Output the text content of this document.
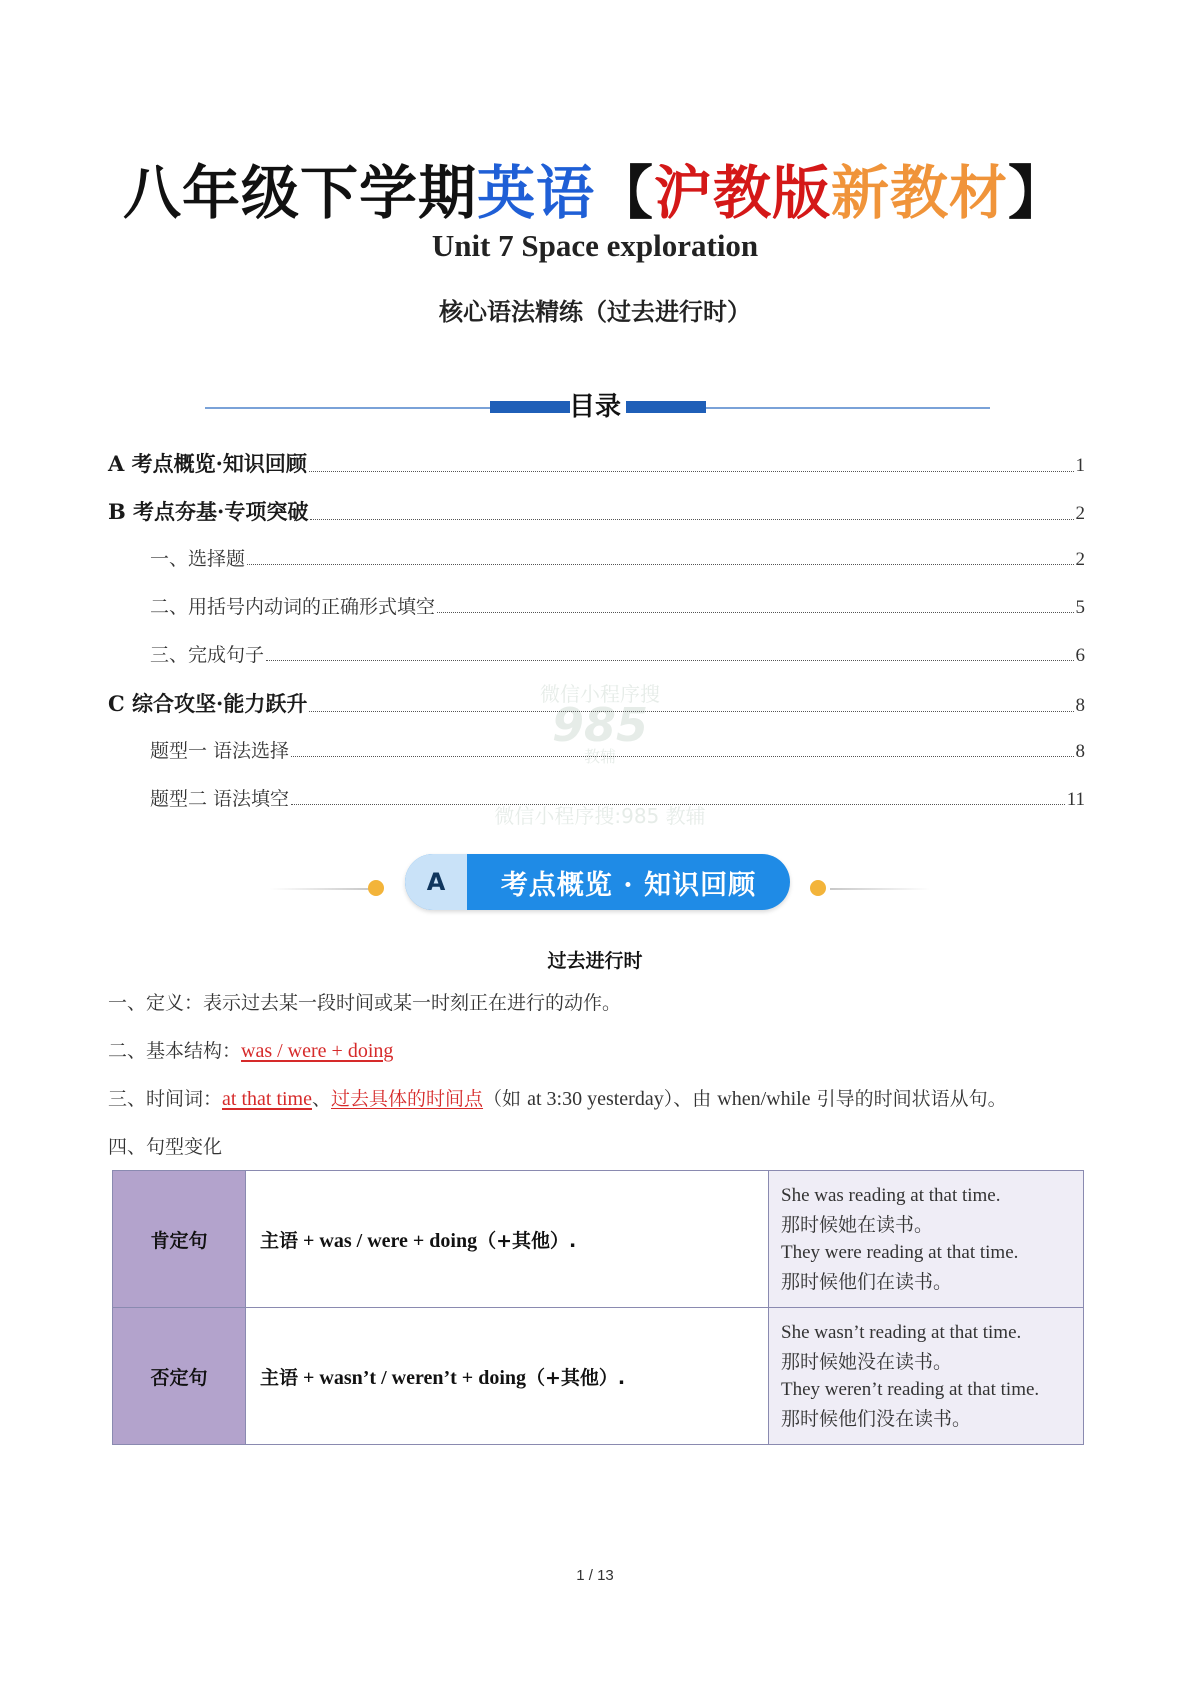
八年级下学期英语【沪教版新教材】
Unit 7 Space exploration
核心语法精练（过去进行时）
目录
微信小程序搜
985
教辅
微信小程序搜:985 教辅
A 考点概览·知识回顾	1
B 考点夯基·专项突破	2
一、选择题	2
二、用括号内动词的正确形式填空	5
三、完成句子	6
C 综合攻坚·能力跃升	8
题型一 语法选择	8
题型二 语法填空	11
A	考点概览 · 知识回顾
过去进行时
一、定义：表示过去某一段时间或某一时刻正在进行的动作。
二、基本结构：was / were + doing
三、时间词：at that time、过去具体的时间点（如 at 3:30 yesterday）、由 when/while 引导的时间状语从句。
四、句型变化
肯定句	主语 + was / were + doing（+其他）.	She was reading at that time.
那时候她在读书。
They were reading at that time.
那时候他们在读书。

否定句	主语 + wasn’t / weren’t + doing（+其他）.	She wasn’t reading at that time.
那时候她没在读书。
They weren’t reading at that time.
那时候他们没在读书。
1 / 13
